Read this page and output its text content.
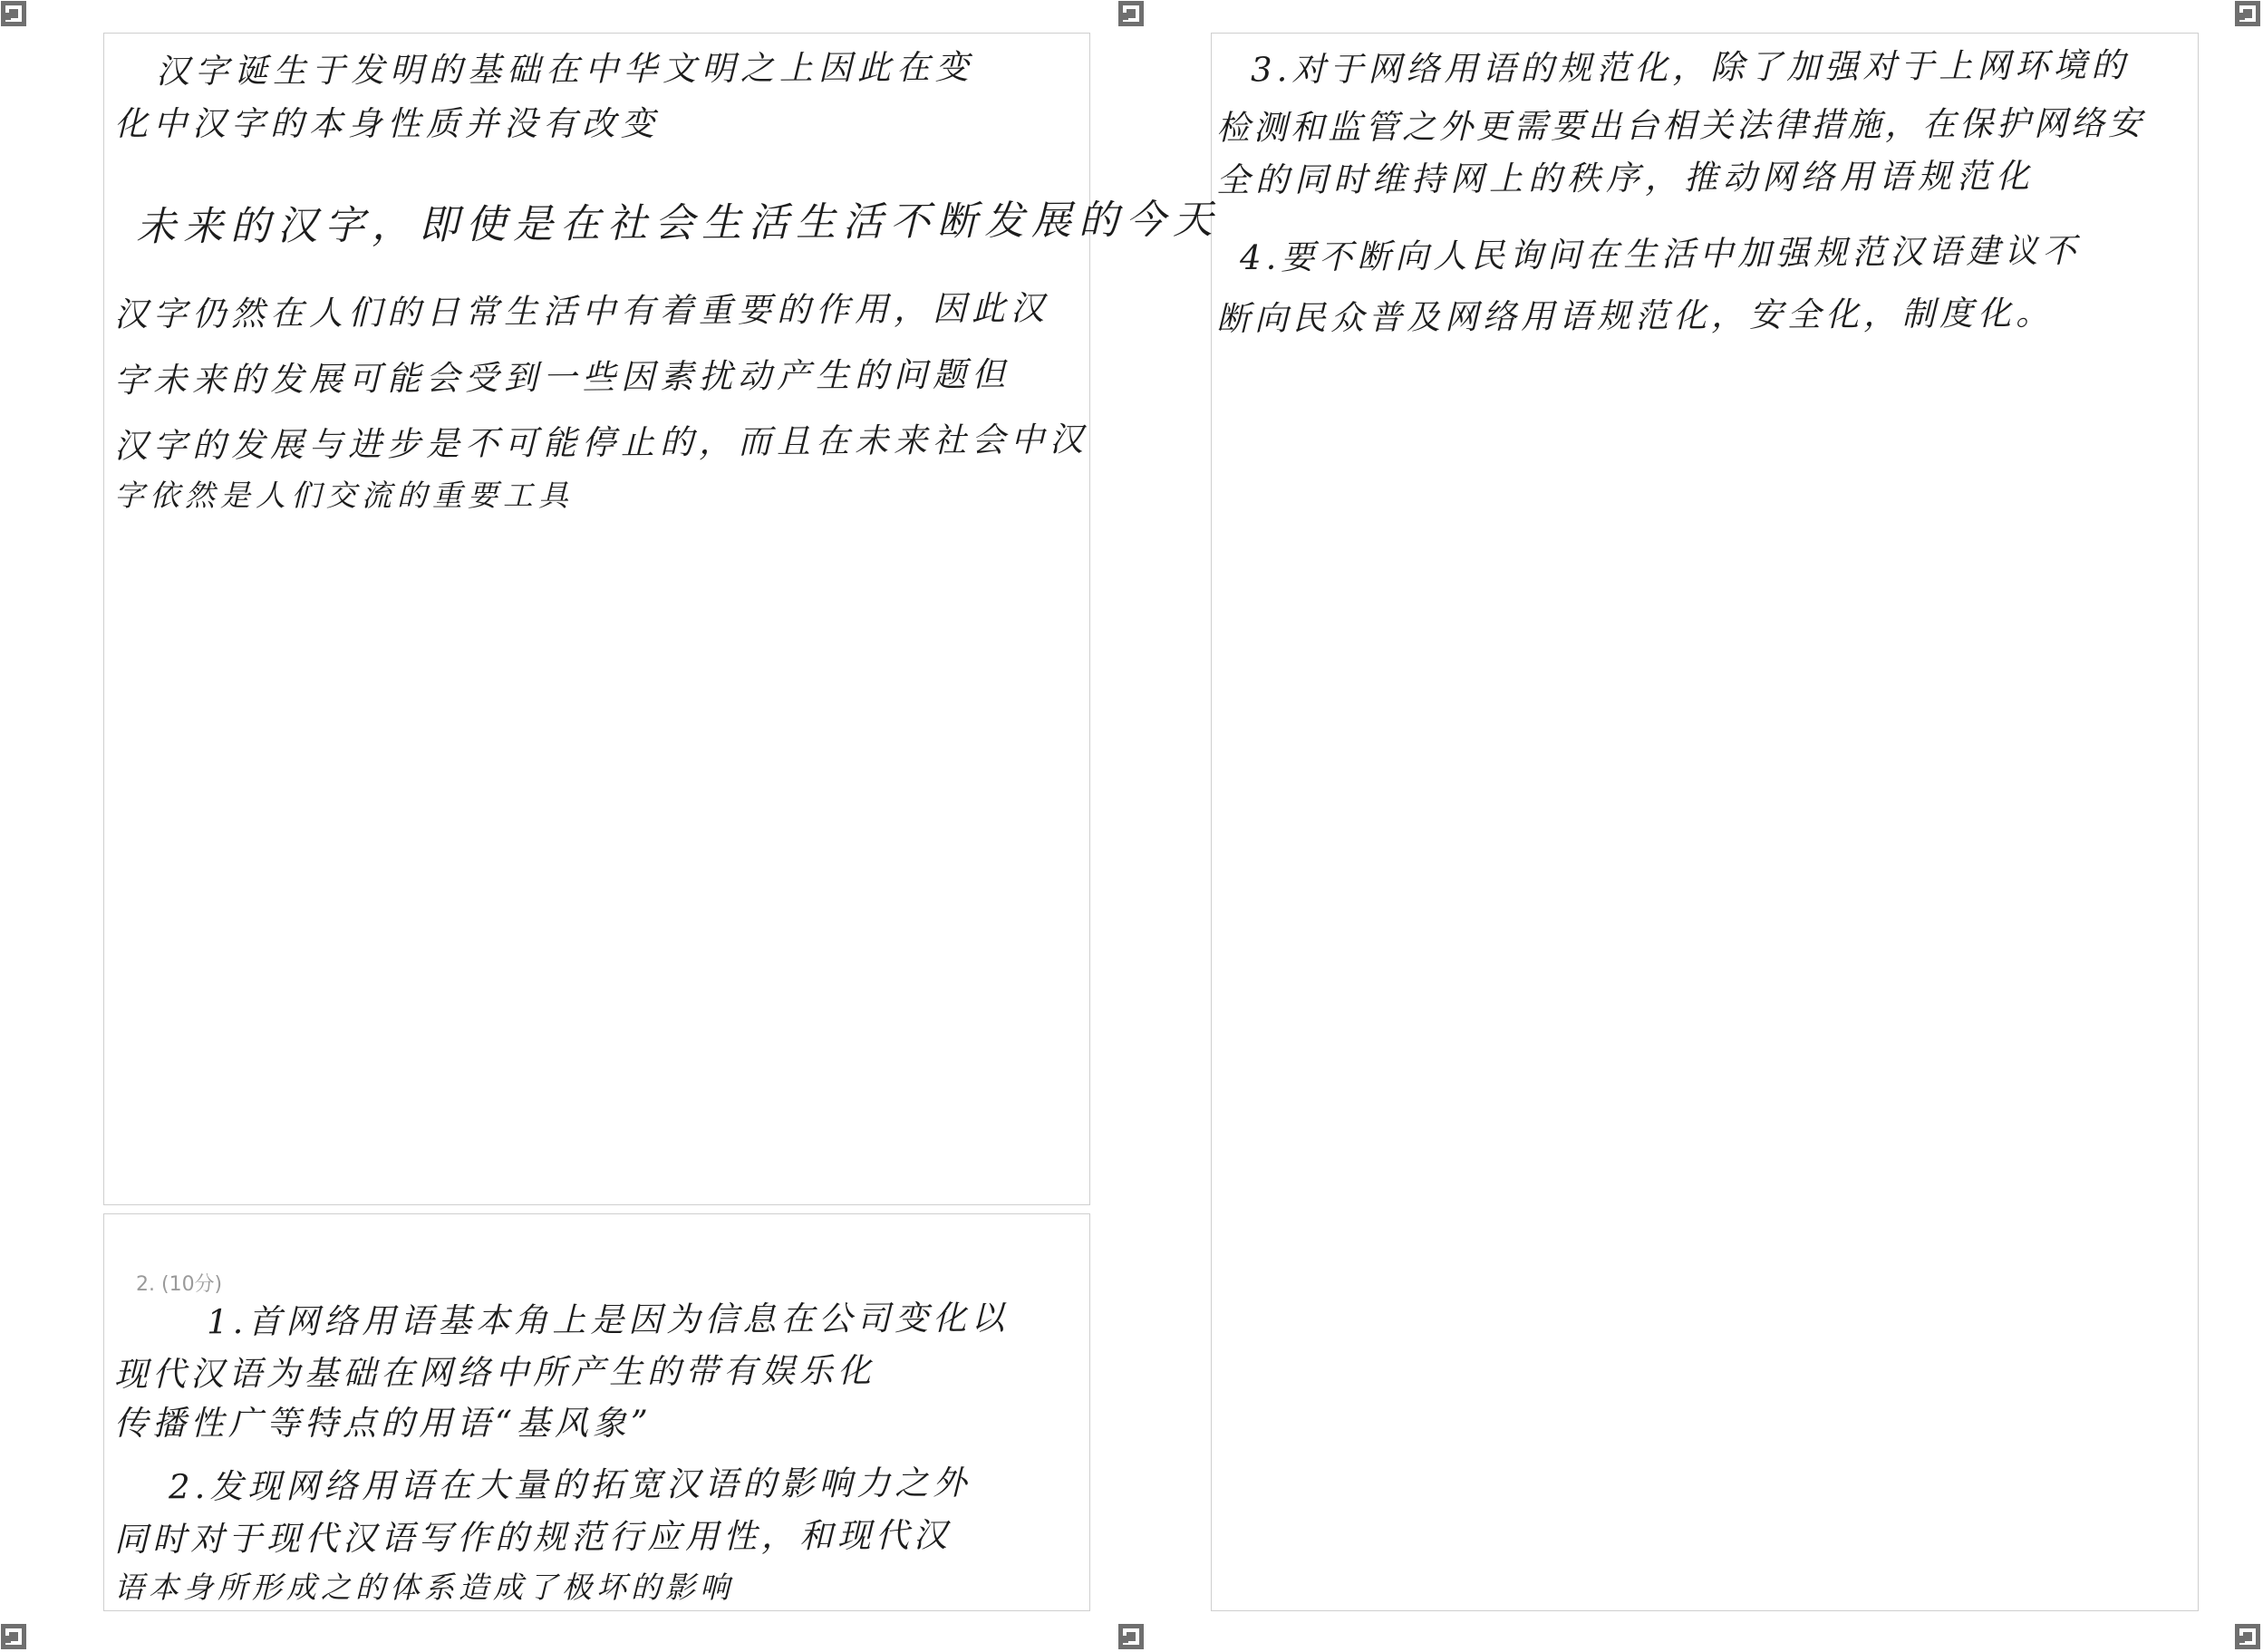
汉字诞生于发明的基础在中华文明之上因此在变
化中汉字的本身性质并没有改变
未来的汉字，即使是在社会生活生活不断发展的今天
汉字仍然在人们的日常生活中有着重要的作用，因此汉
字未来的发展可能会受到一些因素扰动产生的问题但
汉字的发展与进步是不可能停止的，而且在未来社会中汉
字依然是人们交流的重要工具
2. (10分)
1.首网络用语基本角上是因为信息在公司变化以
现代汉语为基础在网络中所产生的带有娱乐化
传播性广等特点的用语“基风象”
2.发现网络用语在大量的拓宽汉语的影响力之外
同时对于现代汉语写作的规范行应用性，和现代汉
语本身所形成之的体系造成了极坏的影响
3.对于网络用语的规范化，除了加强对于上网环境的
检测和监管之外更需要出台相关法律措施，在保护网络安
全的同时维持网上的秩序，推动网络用语规范化
4.要不断向人民询问在生活中加强规范汉语建议不
断向民众普及网络用语规范化，安全化，制度化。
